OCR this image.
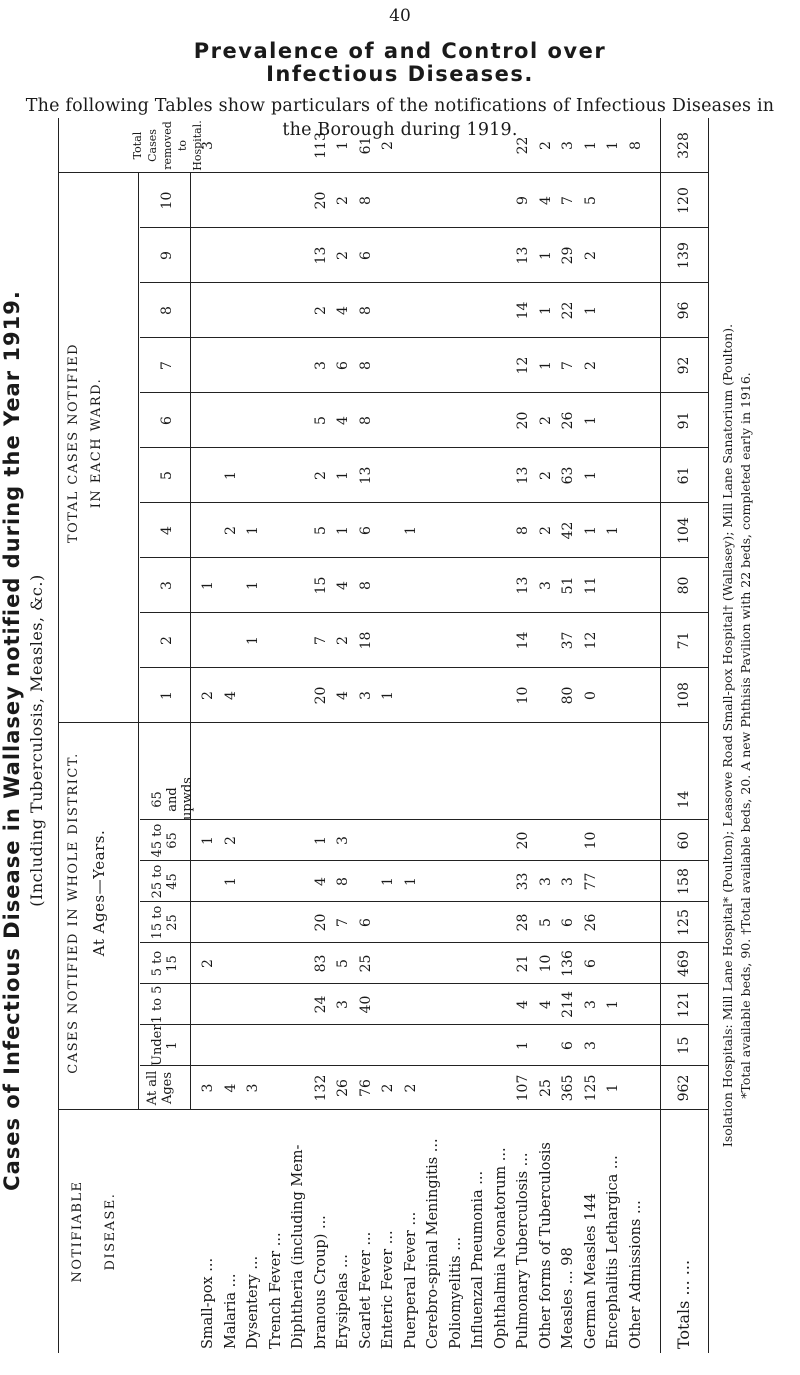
40
Prevalence of and Control over
Infectious Diseases.
The following Tables show particulars of the notifications of Infectious Diseases in the Borough during 1919.
Cases of Infectious Disease in Wallasey notified during the Year 1919. (Including Tuberculosis, Measles, &c.)
NOTIFIABLE DISEASE.
CASES NOTIFIED IN WHOLE DISTRICT. At Ages—Years.
TOTAL CASES NOTIFIED IN EACH WARD.
At all Ages
Under 1
1 to 5
5 to 15
15 to 25
25 to 45
45 to 65
65 and upwds
1
2
3
4
5
6
7
8
9
10
Total Cases removed to Hospital.
Small-pox ...
3
2
1
2
1
3
Malaria ...
4
1
2
4
2
1
Dysentery ...
3
1
1
1
Trench Fever ... Diphtheria (including Mem- branous Croup) ...
132
24
83
20
4
1
20
7
15
5
2
5
3
2
13
20
113
Erysipelas ...
26
3
5
7
8
3
4
2
4
1
1
4
6
4
2
2
1
Scarlet Fever ...
76
40
25
6
3
18
8
6
13
8
8
8
6
8
61
Enteric Fever ...
2
1
1
2
Puerperal Fever ...
2
1
1
Cerebro-spinal Meningitis ...
Poliomyelitis ... Influenzal Pneumonia ... Ophthalmia Neonatorum ...
Pulmonary Tuberculosis ...
107
1
4
21
28
33
20
10
14
13
8
13
20
12
14
13
9
22
Other forms of Tuberculosis
25
4
10
5
3
3
2
2
2
1
1
1
4
2
Measles ... 98
365
6
214
136
6
3
80
37
51
42
63
26
7
22
29
7
3
German Measles 144
125
3
3
6
26
77
10
0
12
11
1
1
1
2
1
2
5
1
Encephalitis Lethargica ...
1
1
1
1
Other Admissions ...
8
Totals ... ...
962
15
121
469
125
158
60
14
108
71
80
104
61
91
92
96
139
120
328
Isolation Hospitals: Mill Lane Hospital* (Poulton); Leasowe Road Small-pox Hospital† (Wallasey); Mill Lane Sanatorium (Poulton). *Total available beds, 90. †Total available beds, 20. A new Phthisis Pavilion with 22 beds, completed early in 1916.
